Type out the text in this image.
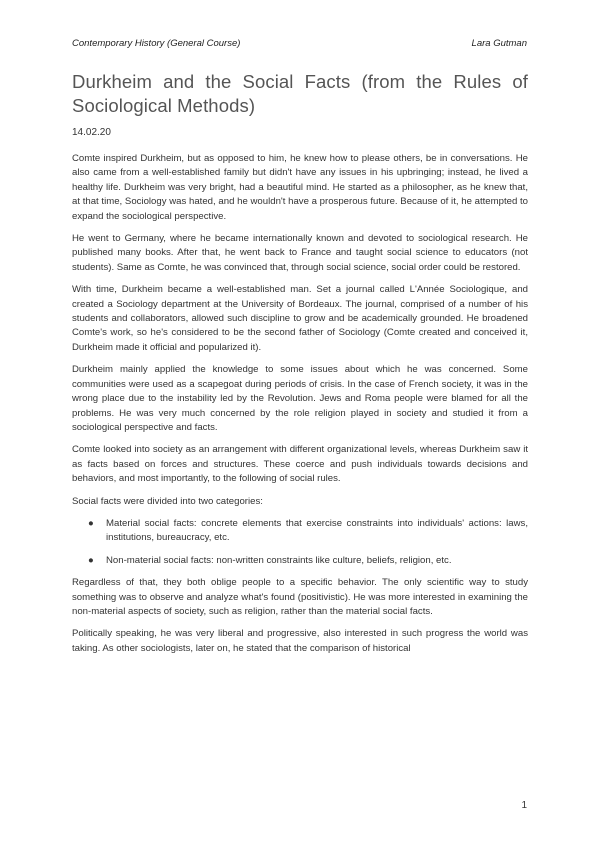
Contemporary History (General Course)	Lara Gutman
Durkheim and the Social Facts (from the Rules of Sociological Methods)
14.02.20

Comte inspired Durkheim, but as opposed to him, he knew how to please others, be in conversations. He also came from a well-established family but didn't have any issues in his upbringing; instead, he lived a healthy life. Durkheim was very bright, had a beautiful mind. He started as a philosopher, as he knew that, at that time, Sociology was hated, and he wouldn't have a prosperous future. Because of it, he attempted to expand the sociological perspective.

He went to Germany, where he became internationally known and devoted to sociological research. He published many books. After that, he went back to France and taught social science to educators (not students). Same as Comte, he was convinced that, through social science, social order could be restored.

With time, Durkheim became a well-established man. Set a journal called L'Année Sociologique, and created a Sociology department at the University of Bordeaux. The journal, comprised of a number of his students and collaborators, allowed such discipline to grow and be academically grounded. He broadened Comte's work, so he's considered to be the second father of Sociology (Comte created and conceived it, Durkheim made it official and popularized it).

Durkheim mainly applied the knowledge to some issues about which he was concerned. Some communities were used as a scapegoat during periods of crisis. In the case of French society, it was in the wrong place due to the instability led by the Revolution. Jews and Roma people were blamed for all the problems. He was very much concerned by the role religion played in society and studied it from a sociological perspective and facts.

Comte looked into society as an arrangement with different organizational levels, whereas Durkheim saw it as facts based on forces and structures. These coerce and push individuals towards decisions and behaviors, and most importantly, to the following of social rules.

Social facts were divided into two categories:

● Material social facts: concrete elements that exercise constraints into individuals' actions: laws, institutions, bureaucracy, etc.
● Non-material social facts: non-written constraints like culture, beliefs, religion, etc.

Regardless of that, they both oblige people to a specific behavior. The only scientific way to study something was to observe and analyze what's found (positivistic). He was more interested in examining the non-material aspects of society, such as religion, rather than the material social facts.

Politically speaking, he was very liberal and progressive, also interested in such progress the world was taking. As other sociologists, later on, he stated that the comparison of historical

1
